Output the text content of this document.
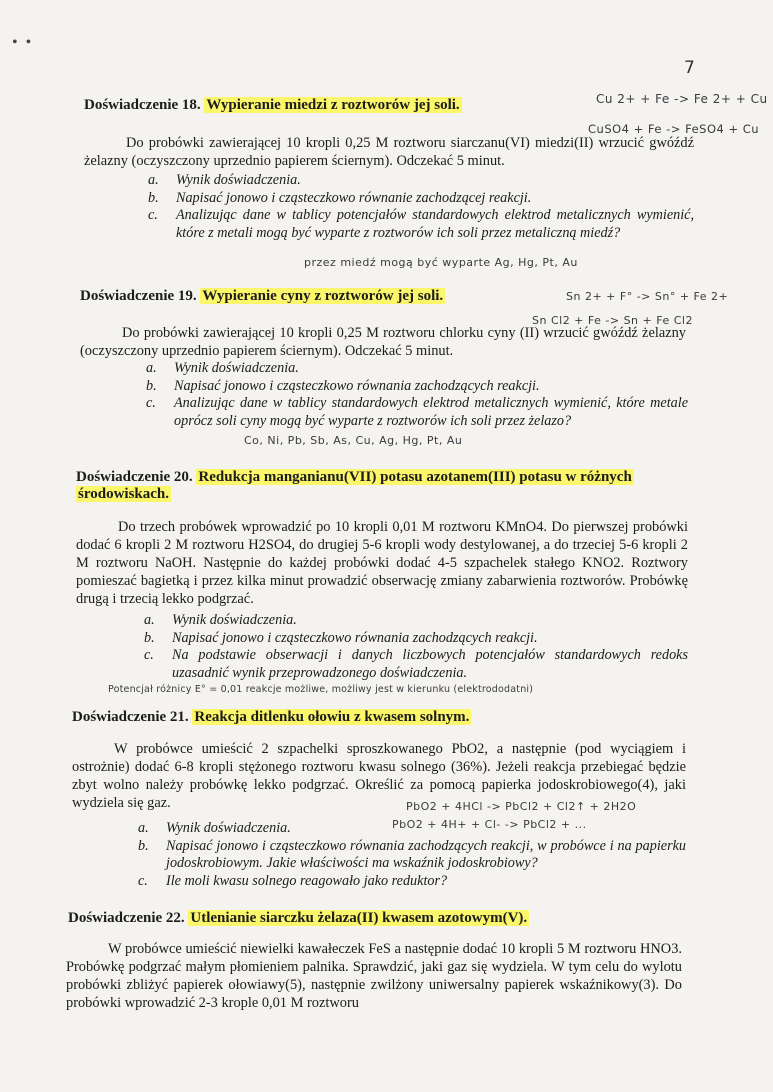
• •
7
Doświadczenie 18. Wypieranie miedzi z roztworów jej soli.	Cu 2+ + Fe -> Fe 2+ + Cu
CuSO4 + Fe -> FeSO4 + Cu

Do probówki zawierającej 10 kropli 0,25 M roztworu siarczanu(VI) miedzi(II) wrzucić gwóźdź żelazny (oczyszczony uprzednio papierem ściernym). Odczekać 5 minut.

a. Wynik doświadczenia.
b. Napisać jonowo i cząsteczkowo równanie zachodzącej reakcji.
c. Analizując dane w tablicy potencjałów standardowych elektrod metalicznych wymienić, które z metali mogą być wyparte z roztworów ich soli przez metaliczną miedź?
przez miedź mogą być wyparte Ag, Hg, Pt, Au
Doświadczenie 19. Wypieranie cyny z roztworów jej soli.	Sn 2+ + F° -> Sn° + Fe 2+
Sn Cl2 + Fe -> Sn + Fe Cl2

Do probówki zawierającej 10 kropli 0,25 M roztworu chlorku cyny (II) wrzucić gwóźdź żelazny (oczyszczony uprzednio papierem ściernym). Odczekać 5 minut.

a. Wynik doświadczenia.
b. Napisać jonowo i cząsteczkowo równania zachodzących reakcji.
c. Analizując dane w tablicy standardowych elektrod metalicznych wymienić, które metale oprócz soli cyny mogą być wyparte z roztworów ich soli przez żelazo?
Co, Ni, Pb, Sb, As, Cu, Ag, Hg, Pt, Au
Doświadczenie 20. Redukcja manganianu(VII) potasu azotanem(III) potasu w różnych
środowiskach.

Do trzech probówek wprowadzić po 10 kropli 0,01 M roztworu KMnO4. Do pierwszej probówki dodać 6 kropli 2 M roztworu H2SO4, do drugiej 5-6 kropli wody destylowanej, a do trzeciej 5-6 kropli 2 M roztworu NaOH. Następnie do każdej probówki dodać 4-5 szpachelek stałego KNO2. Roztwory pomieszać bagietką i przez kilka minut prowadzić obserwację zmiany zabarwienia roztworów. Probówkę drugą i trzecią lekko podgrzać.

a. Wynik doświadczenia.
b. Napisać jonowo i cząsteczkowo równania zachodzących reakcji.
c. Na podstawie obserwacji i danych liczbowych potencjałów standardowych redoks uzasadnić wynik przeprowadzonego doświadczenia.
Potencjał różnicy E° = 0,01 reakcje możliwe, możliwy jest w kierunku (elektrododatni)
Doświadczenie 21. Reakcja ditlenku ołowiu z kwasem solnym.

W probówce umieścić 2 szpachelki sproszkowanego PbO2, a następnie (pod wyciągiem i ostrożnie) dodać 6-8 kropli stężonego roztworu kwasu solnego (36%). Jeżeli reakcja przebiegać będzie zbyt wolno należy probówkę lekko podgrzać. Określić za pomocą papierka jodoskrobiowego(4), jaki wydziela się gaz.	PbO2 + 4HCl -> PbCl2 + Cl2↑ + 2H2O
PbO2 + 4H+ + Cl- -> PbCl2 + ...
a. Wynik doświadczenia.
b. Napisać jonowo i cząsteczkowo równania zachodzących reakcji, w probówce i na papierku jodoskrobiowym. Jakie właściwości ma wskaźnik jodoskrobiowy?
c. Ile moli kwasu solnego reagowało jako reduktor?
Doświadczenie 22. Utlenianie siarczku żelaza(II) kwasem azotowym(V).

W probówce umieścić niewielki kawałeczek FeS a następnie dodać 10 kropli 5 M roztworu HNO3. Probówkę podgrzać małym płomieniem palnika. Sprawdzić, jaki gaz się wydziela. W tym celu do wylotu probówki zbliżyć papierek ołowiawy(5), następnie zwilżony uniwersalny papierek wskaźnikowy(3). Do probówki wprowadzić 2-3 krople 0,01 M roztworu
